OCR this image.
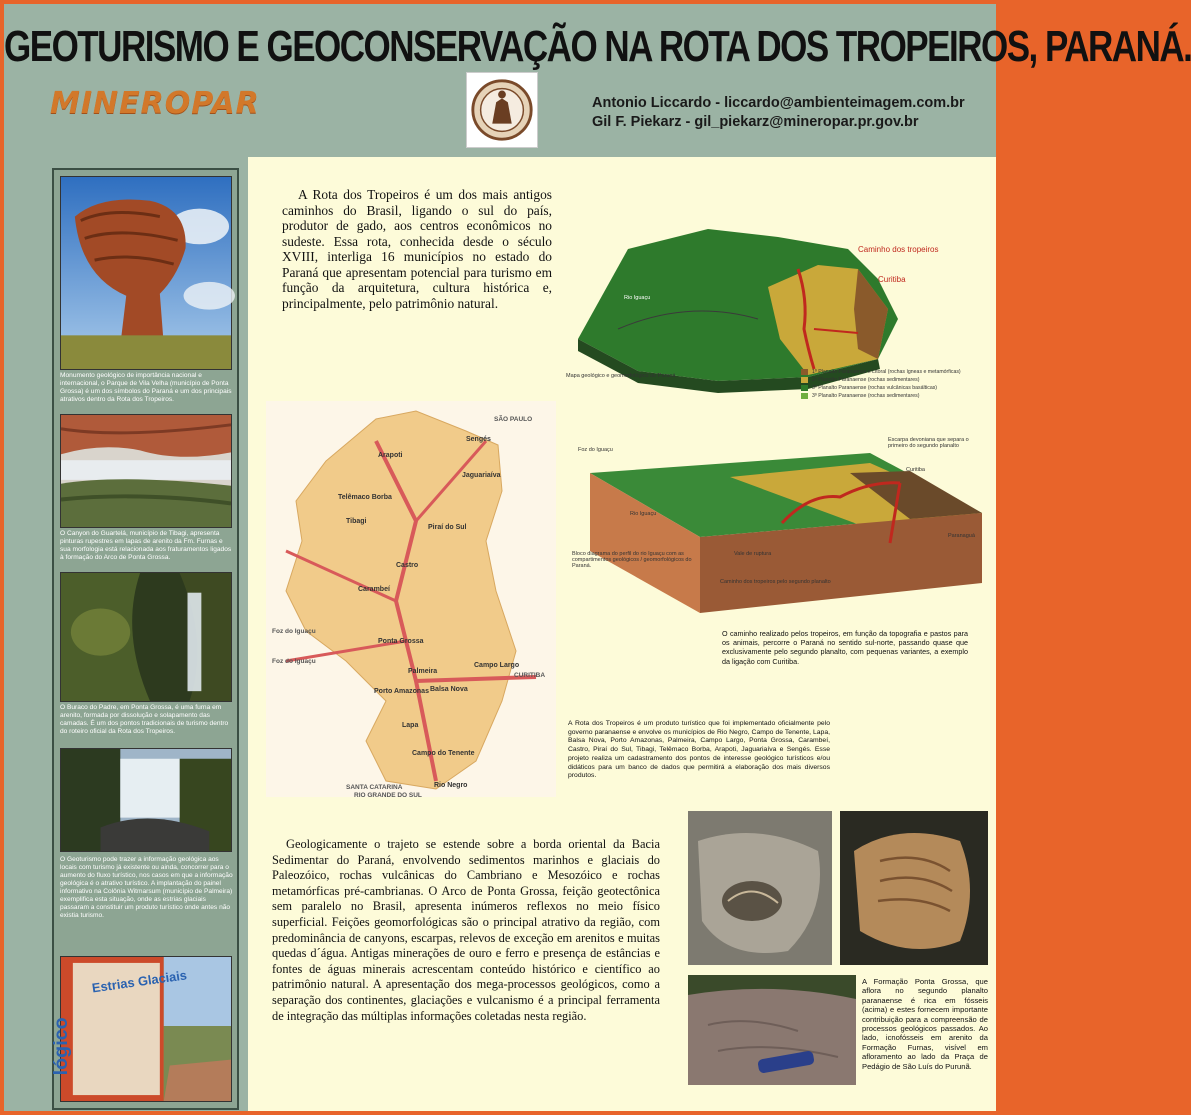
GEOTURISMO E GEOCONSERVAÇÃO NA ROTA DOS TROPEIROS, PARANÁ.
MINEROPAR	Antonio Liccardo - liccardo@ambienteimagem.com.br
Gil F. Piekarz - gil_piekarz@mineropar.pr.gov.br
Monumento geológico de importância nacional e internacional, o Parque de Vila Velha (município de Ponta Grossa) é um dos símbolos do Paraná e um dos principais atrativos dentro da Rota dos Tropeiros.
O Canyon do Guartelá, município de Tibagi, apresenta pinturas rupestres em lapas de arenito da Fm. Furnas e sua morfologia está relacionada aos fraturamentos ligados à formação do Arco de Ponta Grossa.
O Buraco do Padre, em Ponta Grossa, é uma furna em arenito, formada por dissolução e solapamento das camadas. É um dos pontos tradicionais de turismo dentro do roteiro oficial da Rota dos Tropeiros.
O Geoturismo pode trazer a informação geológica aos locais com turismo já existente ou ainda, concorrer para o aumento do fluxo turístico, nos casos em que a informação geológica é o atrativo turístico. A implantação do painel informativo na Colônia Witmarsum (município de Palmeira) exemplifica esta situação, onde as estrias glaciais passaram a constituir um produto turístico onde antes não existia turismo.
lógico
Estrias Glaciais

A Rota dos Tropeiros é um dos mais antigos caminhos do Brasil, ligando o sul do país, produtor de gado, aos centros econômicos no sudeste. Essa rota, conhecida desde o século XVIII, interliga 16 municípios no estado do Paraná que apresentam potencial para turismo em função da arquitetura, cultura histórica e, principalmente, pelo patrimônio natural.

Caminho dos tropeiros
Curitiba
Rio Iguaçu
Mapa geológico e geomorfológico do Paraná
1º Planalto Paranaense e Litoral (rochas ígneas e metamórficas)
2º Planalto Paranaense (rochas sedimentares)
3º Planalto Paranaense (rochas vulcânicas basálticas)
3º Planalto Paranaense (rochas sedimentares)
Arapoti
Sengés
Jaguariaíva
Telêmaco Borba
Tibagi
Piraí do Sul
Castro
Carambeí
Ponta Grossa
Palmeira
Campo Largo
Porto Amazonas Balsa Nova
Lapa
Campo do Tenente
Rio Negro
SÃO PAULO
CURITIBA
SANTA CATARINA
RIO GRANDE DO SUL
Foz do Iguaçu
Foz do Iguaçu
Foz do Iguaçu
Rio Iguaçu
Curitiba
Paranaguá
Escarpa devoniana que separa o primeiro do segundo planalto
Vale de ruptura
Caminho dos tropeiros pelo segundo planalto
Bloco diagrama do perfil do rio Iguaçu com as compartimentos geológicos / geomorfológicos do Paraná.

O caminho realizado pelos tropeiros, em função da topografia e pastos para os animais, percorre o Paraná no sentido sul-norte, passando quase que exclusivamente pelo segundo planalto, com pequenas variantes, a exemplo da ligação com Curitiba.

A Rota dos Tropeiros é um produto turístico que foi implementado oficialmente pelo governo paranaense e envolve os municípios de Rio Negro, Campo de Tenente, Lapa, Balsa Nova, Porto Amazonas, Palmeira, Campo Largo, Ponta Grossa, Carambeí, Castro, Piraí do Sul, Tibagi, Telêmaco Borba, Arapoti, Jaguariaíva e Sengés. Esse projeto realiza um cadastramento dos pontos de interesse geológico turísticos e/ou didáticos para um banco de dados que permitirá a elaboração dos mais diversos produtos.

Geologicamente o trajeto se estende sobre a borda oriental da Bacia Sedimentar do Paraná, envolvendo sedimentos marinhos e glaciais do Paleozóico, rochas vulcânicas do Cambriano e Mesozóico e rochas metamórficas pré-cambrianas. O Arco de Ponta Grossa, feição geotectônica sem paralelo no Brasil, apresenta inúmeros reflexos no meio físico superficial. Feições geomorfológicas são o principal atrativo da região, com predominância de canyons, escarpas, relevos de exceção em arenitos e muitas quedas d´água. Antigas minerações de ouro e ferro e presença de estâncias e fontes de águas minerais acrescentam conteúdo histórico e científico ao patrimônio natural. A apresentação dos mega-processos geológicos, como a separação dos continentes, glaciações e vulcanismo é a principal ferramenta de integração das múltiplas informações coletadas nesta região.

A Formação Ponta Grossa, que aflora no segundo planalto paranaense é rica em fósseis (acima) e estes fornecem importante contribuição para a compreensão de processos geológicos passados. Ao lado, icnofósseis em arenito da Formação Furnas, visível em afloramento ao lado da Praça de Pedágio de São Luís do Purunã.
